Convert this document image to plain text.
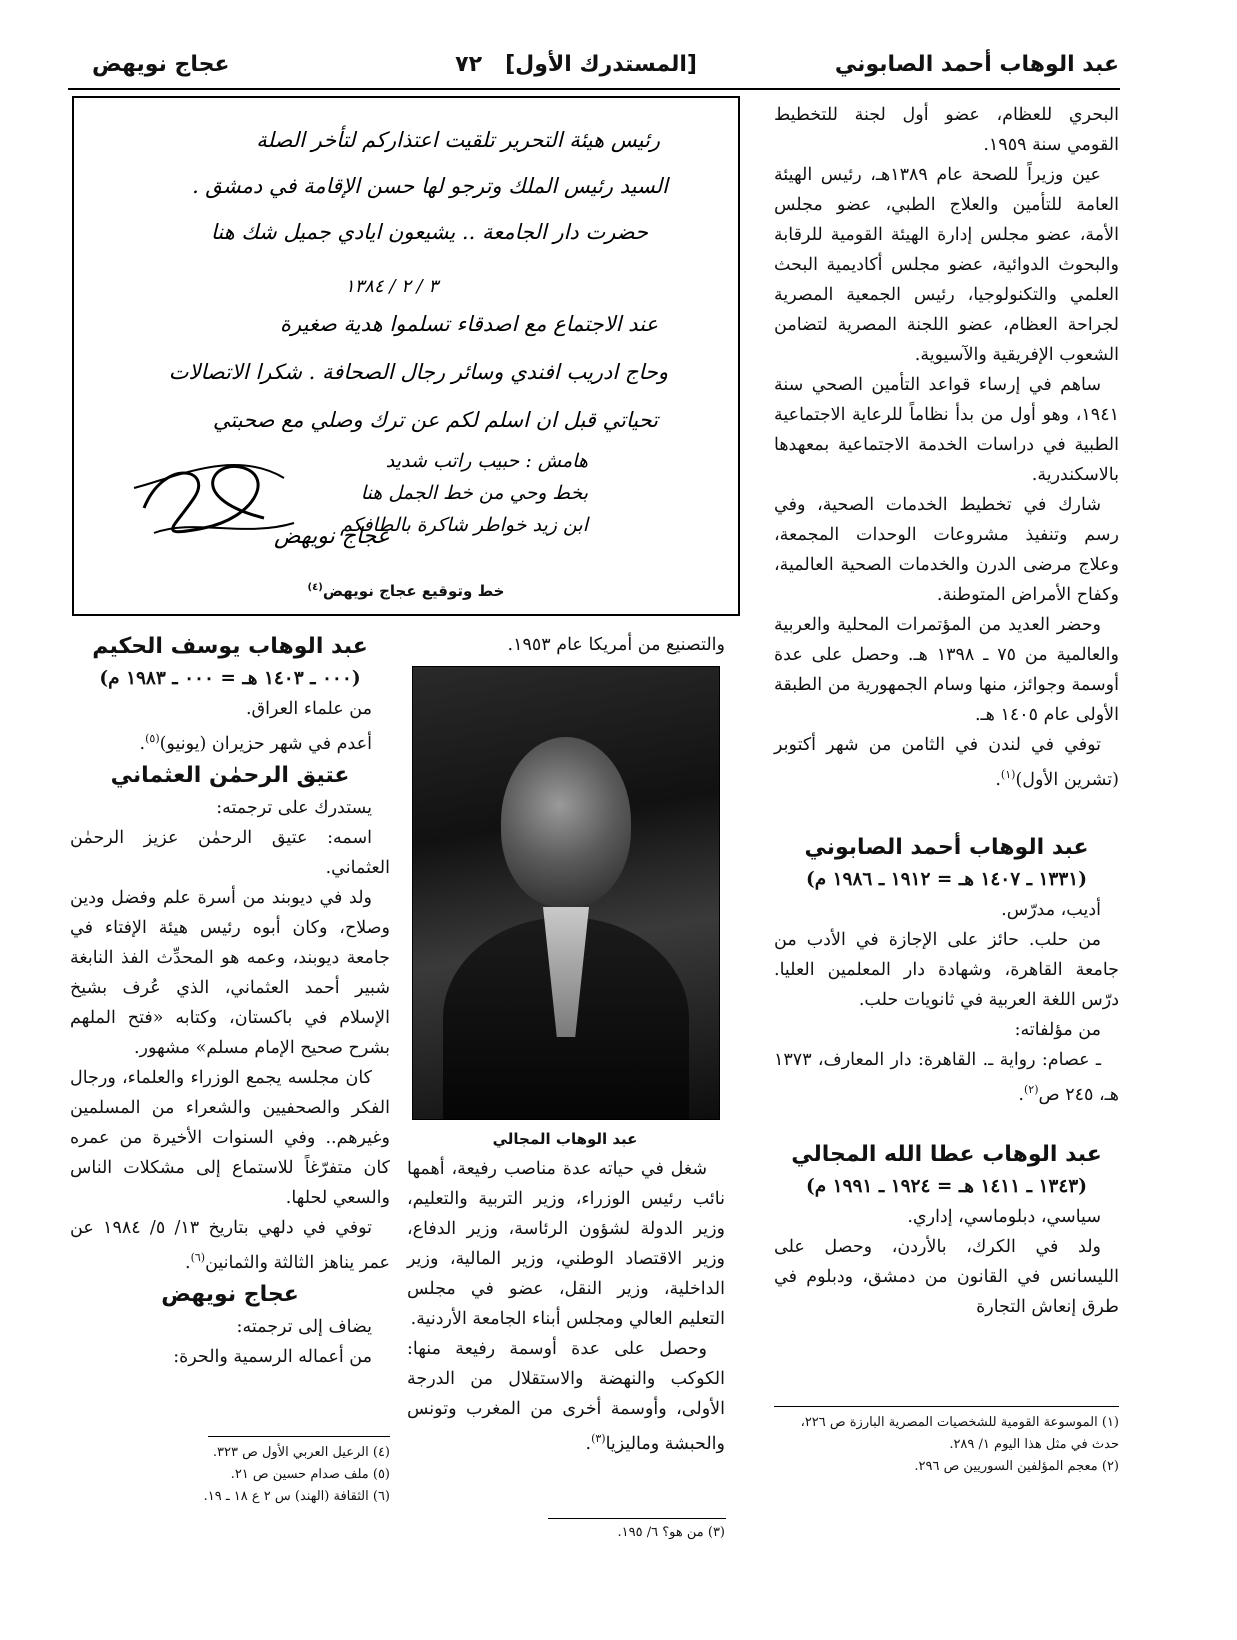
عبد الوهاب أحمد الصابوني
[المستدرك الأول]
٧٢
عجاج نويهض

البحري للعظام، عضو أول لجنة للتخطيط القومي سنة ١٩٥٩.

عين وزيراً للصحة عام ١٣٨٩هـ، رئيس الهيئة العامة للتأمين والعلاج الطبي، عضو مجلس الأمة، عضو مجلس إدارة الهيئة القومية للرقابة والبحوث الدوائية، عضو مجلس أكاديمية البحث العلمي والتكنولوجيا، رئيس الجمعية المصرية لجراحة العظام، عضو اللجنة المصرية لتضامن الشعوب الإفريقية والآسيوية.

ساهم في إرساء قواعد التأمين الصحي سنة ١٩٤١، وهو أول من بدأ نظاماً للرعاية الاجتماعية الطبية في دراسات الخدمة الاجتماعية بمعهدها بالاسكندرية.

شارك في تخطيط الخدمات الصحية، وفي رسم وتنفيذ مشروعات الوحدات المجمعة، وعلاج مرضى الدرن والخدمات الصحية العالمية، وكفاح الأمراض المتوطنة.

وحضر العديد من المؤتمرات المحلية والعربية والعالمية من ٧٥ ـ ١٣٩٨ هـ. وحصل على عدة أوسمة وجوائز، منها وسام الجمهورية من الطبقة الأولى عام ١٤٠٥ هـ.

توفي في لندن في الثامن من شهر أكتوبر (تشرين الأول)$^{(١)}$.

عبد الوهاب أحمد الصابوني
(١٣٣١ ـ ١٤٠٧ هـ = ١٩١٢ ـ ١٩٨٦ م)

أديب، مدرّس.

من حلب. حائز على الإجازة في الأدب من جامعة القاهرة، وشهادة دار المعلمين العليا. درّس اللغة العربية في ثانويات حلب.

من مؤلفاته:

ـ عصام: رواية ـ. القاهرة: دار المعارف، ١٣٧٣ هـ، ٢٤٥ ص$^{(٢)}$.

عبد الوهاب عطا الله المجالي
(١٣٤٣ ـ ١٤١١ هـ = ١٩٢٤ ـ ١٩٩١ م)

سياسي، دبلوماسي، إداري.

ولد في الكرك، بالأردن، وحصل على الليسانس في القانون من دمشق، ودبلوم في طرق إنعاش التجارة

(١) الموسوعة القومية للشخصيات المصرية البارزة ص ٢٢٦، حدث في مثل هذا اليوم ١/ ٢٨٩.
(٢) معجم المؤلفين السوريين ص ٢٩٦.
رئيس هيئة التحرير تلقيت اعتذاركم لتأخر الصلة
السيد رئيس الملك وترجو لها حسن الإقامة في دمشق .
حضرت دار الجامعة .. يشيعون ايادي جميل شك هنا
٣ / ٢ / ١٣٨٤
عند الاجتماع مع اصدقاء تسلموا هدية صغيرة
وحاج ادريب افندي وسائر رجال الصحافة . شكرا الاتصالات
تحياتي قبل ان اسلم لكم عن ترك وصلي مع صحبتي
هامش : حبيب راتب شديد
بخط وحي من خط الجمل هنا
ابن زيد خواطر شاكرة بالطافكم
عجاج نويهض
خط وتوقيع عجاج نويهض$^{(٤)}$
والتصنيع من أمريكا عام ١٩٥٣.
عبد الوهاب المجالي

شغل في حياته عدة مناصب رفيعة، أهمها نائب رئيس الوزراء، وزير التربية والتعليم، وزير الدولة لشؤون الرئاسة، وزير الدفاع، وزير الاقتصاد الوطني، وزير المالية، وزير الداخلية، وزير النقل، عضو في مجلس التعليم العالي ومجلس أبناء الجامعة الأردنية.

وحصل على عدة أوسمة رفيعة منها: الكوكب والنهضة والاستقلال من الدرجة الأولى، وأوسمة أخرى من المغرب وتونس والحبشة وماليزيا$^{(٣)}$.

(٣) من هو؟ ٦/ ١٩٥.
عبد الوهاب يوسف الحكيم
(٠٠٠ ـ ١٤٠٣ هـ = ٠٠٠ ـ ١٩٨٣ م)

من علماء العراق.

أعدم في شهر حزيران (يونيو)$^{(٥)}$.

عتيق الرحمٰن العثماني

يستدرك على ترجمته:

اسمه: عتيق الرحمٰن عزيز الرحمٰن العثماني.

ولد في ديوبند من أسرة علم وفضل ودين وصلاح، وكان أبوه رئيس هيئة الإفتاء في جامعة ديوبند، وعمه هو المحدِّث الفذ النابغة شبير أحمد العثماني، الذي عُرف بشيخ الإسلام في باكستان، وكتابه «فتح الملهم بشرح صحيح الإمام مسلم» مشهور.

كان مجلسه يجمع الوزراء والعلماء، ورجال الفكر والصحفيين والشعراء من المسلمين وغيرهم.. وفي السنوات الأخيرة من عمره كان متفرّغاً للاستماع إلى مشكلات الناس والسعي لحلها.

توفي في دلهي بتاريخ ١٣/ ٥/ ١٩٨٤ عن عمر يناهز الثالثة والثمانين$^{(٦)}$.

عجاج نويهض

يضاف إلى ترجمته:

من أعماله الرسمية والحرة:

(٤) الرعيل العربي الأول ص ٣٢٣.
(٥) ملف صدام حسين ص ٢١.
(٦) الثقافة (الهند) س ٢ ع ١٨ ـ ١٩.
